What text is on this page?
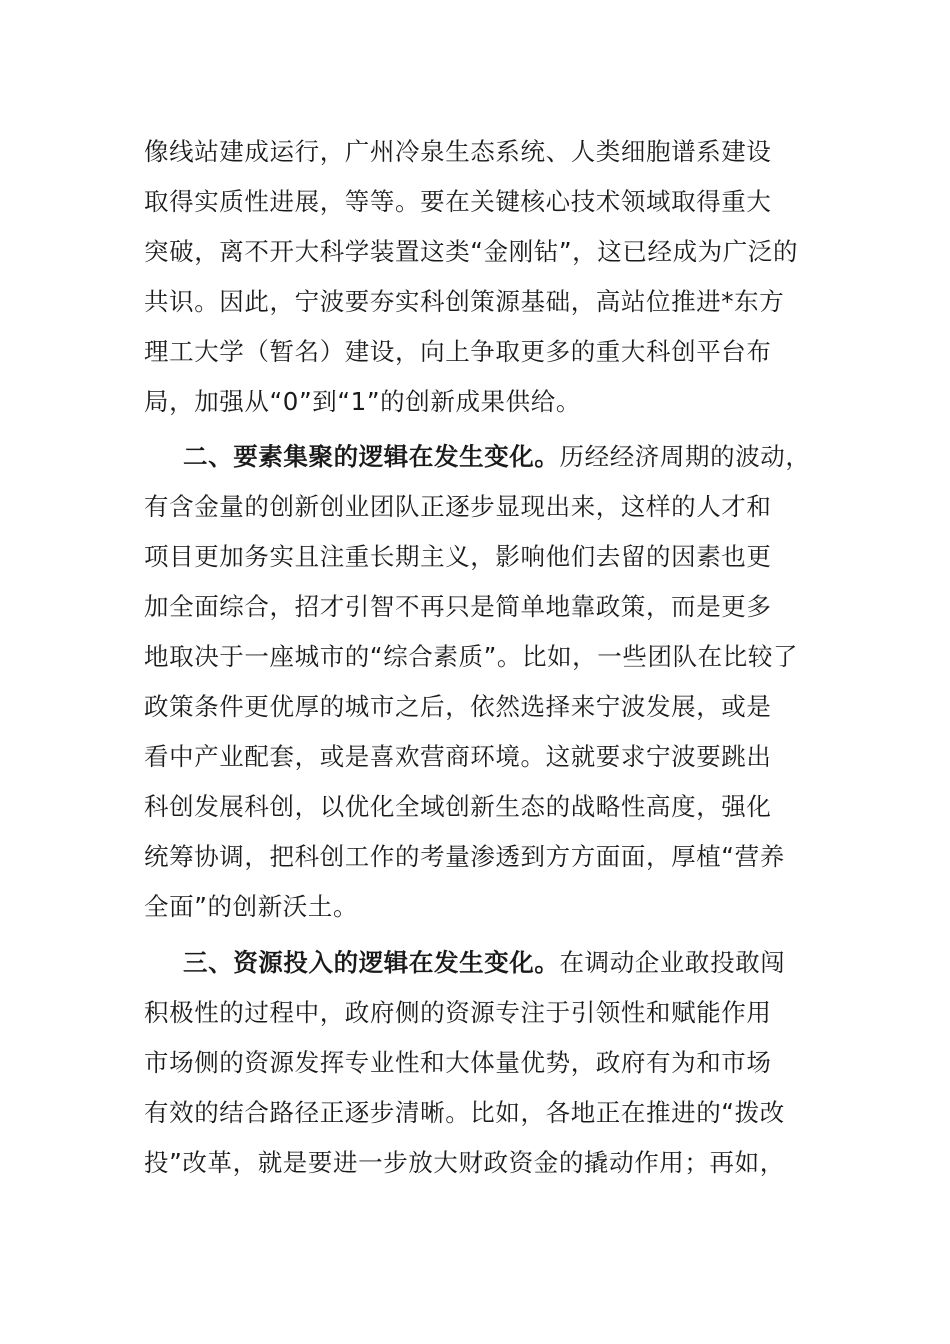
像线站建成运行，广州冷泉生态系统、人类细胞谱系建设
取得实质性进展，等等。要在关键核心技术领域取得重大
突破，离不开大科学装置这类“金刚钻”，这已经成为广泛的
共识。因此，宁波要夯实科创策源基础，高站位推进*东方
理工大学（暂名）建设，向上争取更多的重大科创平台布
局，加强从“0”到“1”的创新成果供给。
二、要素集聚的逻辑在发生变化。历经经济周期的波动，
有含金量的创新创业团队正逐步显现出来，这样的人才和
项目更加务实且注重长期主义，影响他们去留的因素也更
加全面综合，招才引智不再只是简单地靠政策，而是更多
地取决于一座城市的“综合素质”。比如，一些团队在比较了
政策条件更优厚的城市之后，依然选择来宁波发展，或是
看中产业配套，或是喜欢营商环境。这就要求宁波要跳出
科创发展科创，以优化全域创新生态的战略性高度，强化
统筹协调，把科创工作的考量渗透到方方面面，厚植“营养
全面”的创新沃土。
三、资源投入的逻辑在发生变化。在调动企业敢投敢闯
积极性的过程中，政府侧的资源专注于引领性和赋能作用
市场侧的资源发挥专业性和大体量优势，政府有为和市场
有效的结合路径正逐步清晰。比如，各地正在推进的“拨改
投”改革，就是要进一步放大财政资金的撬动作用；再如，
